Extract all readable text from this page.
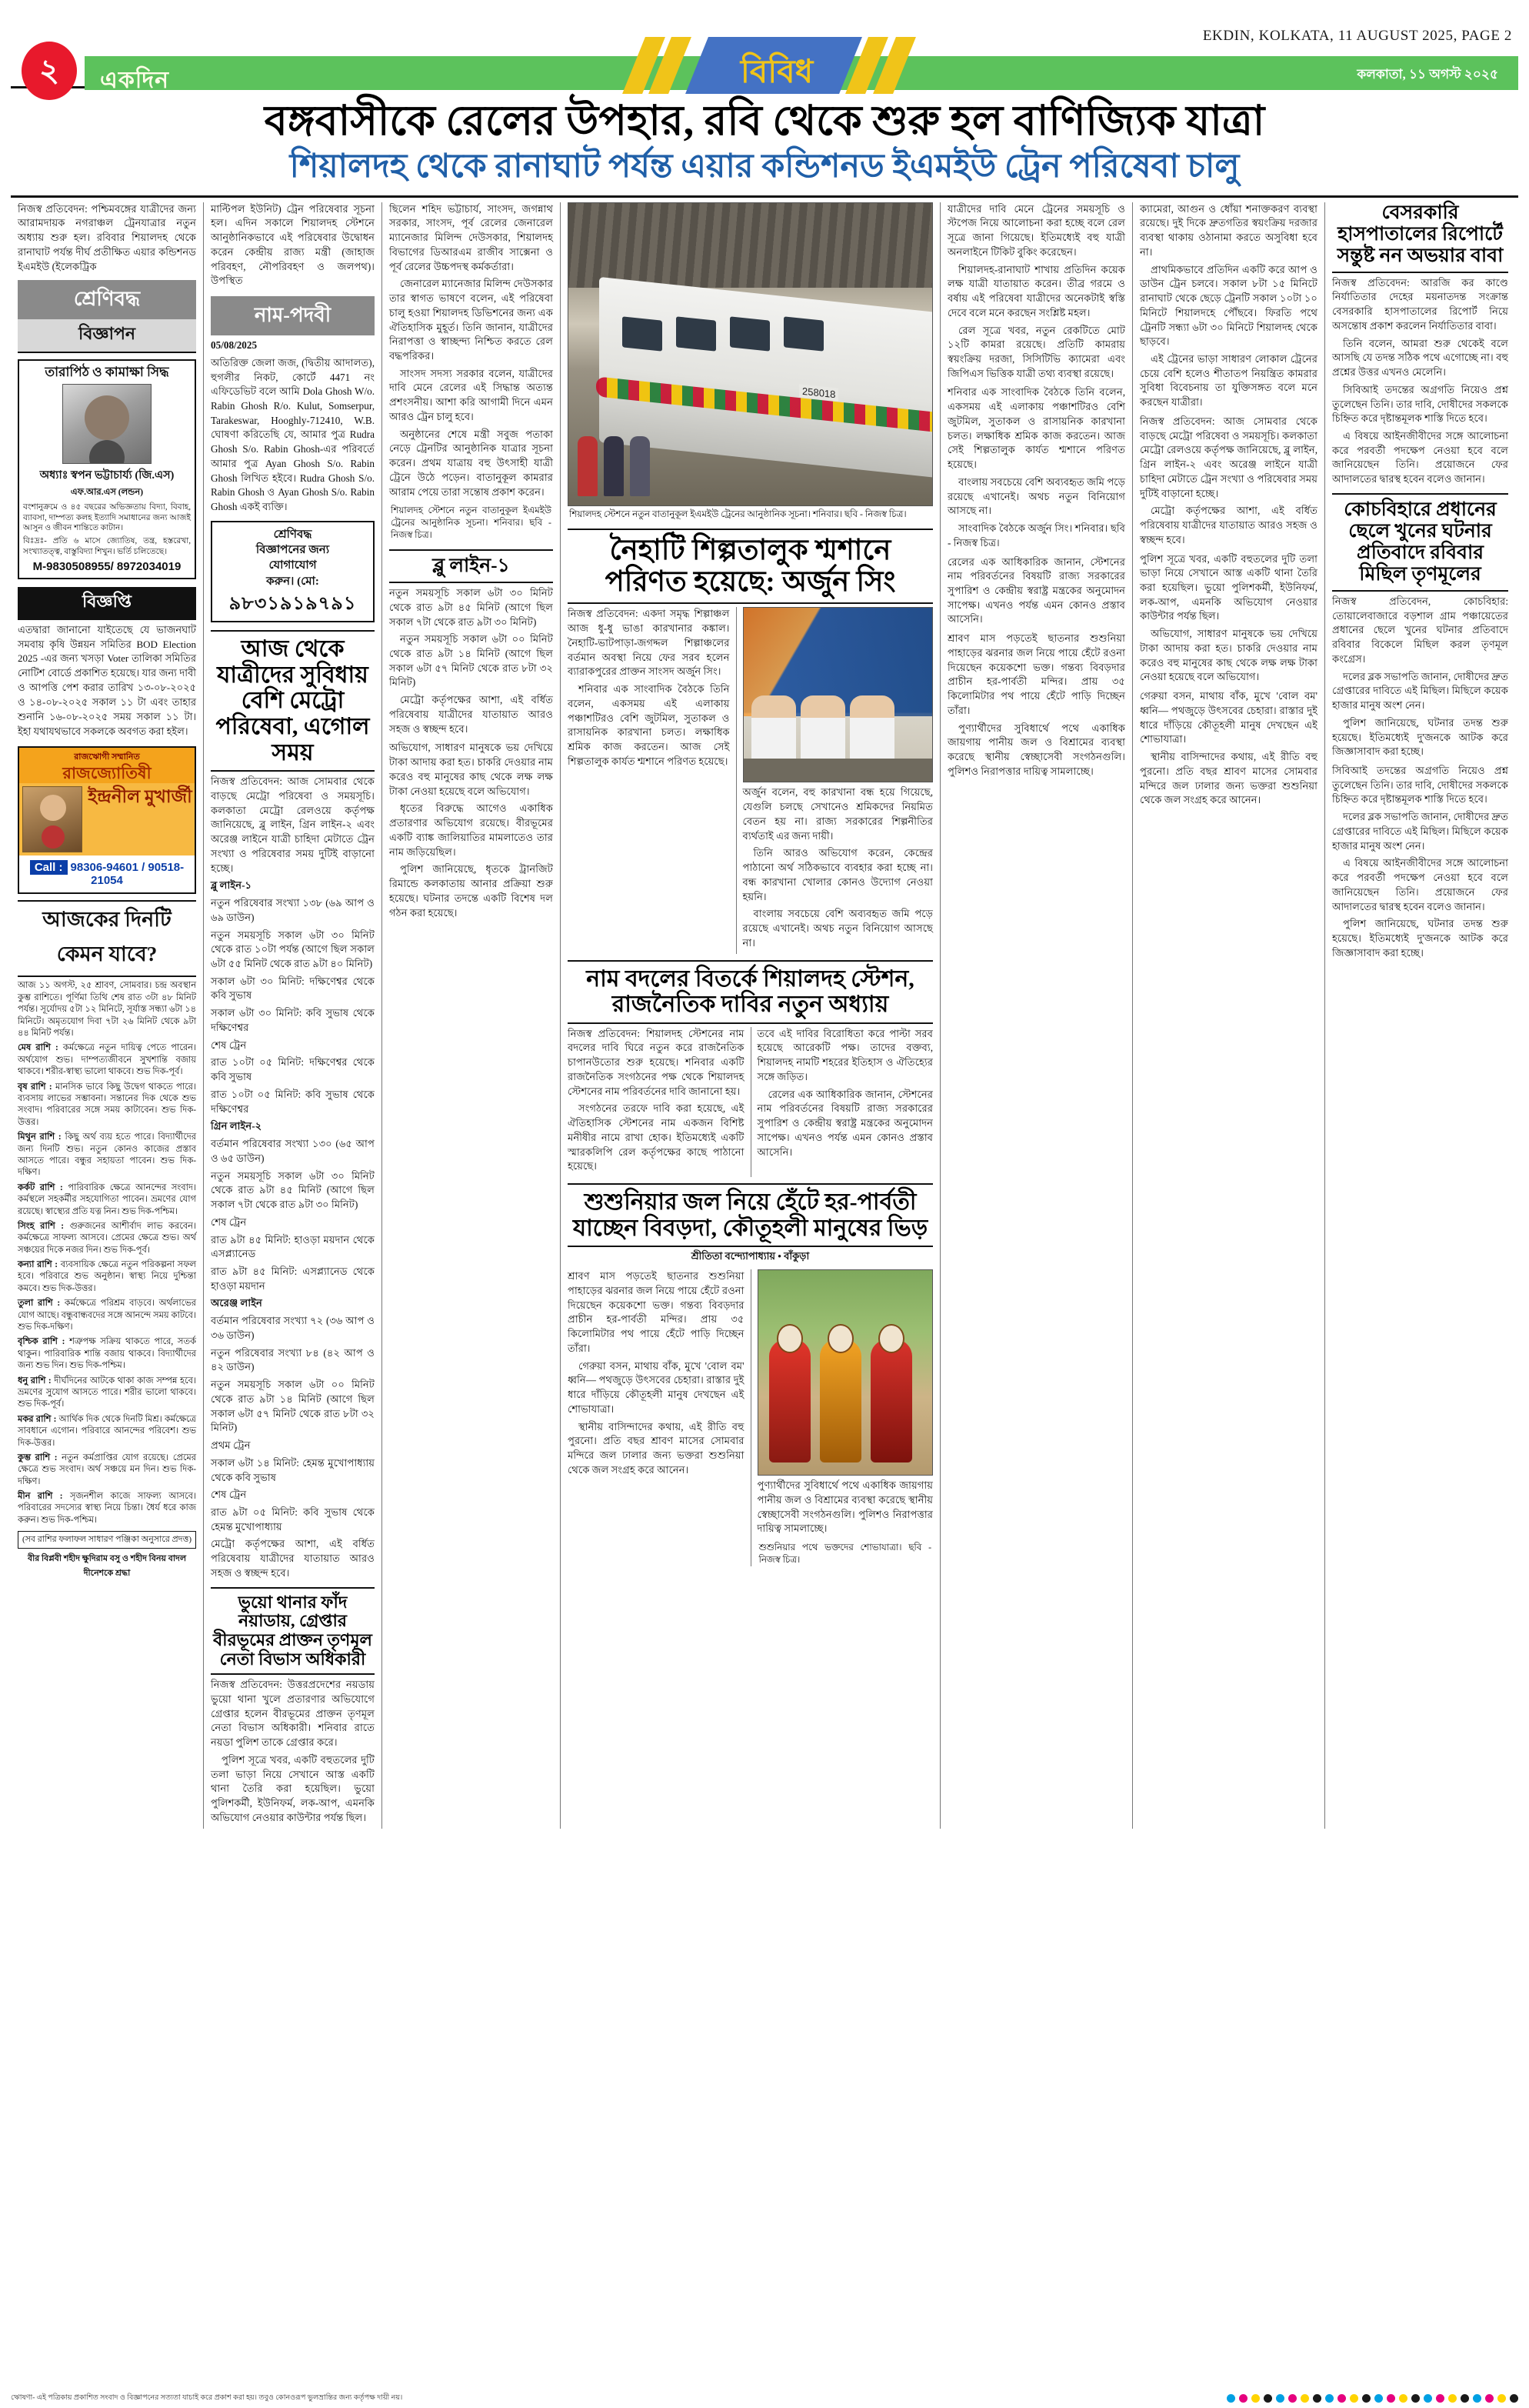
EKDIN, KOLKATA, 11 AUGUST 2025, PAGE 2
কলকাতা, ১১ অগস্ট ২০২৫
২	একদিন	বিবিধ
বঙ্গবাসীকে রেলের উপহার, রবি থেকে শুরু হল বাণিজ্যিক যাত্রা
শিয়ালদহ থেকে রানাঘাট পর্যন্ত এয়ার কন্ডিশনড ইএমইউ ট্রেন পরিষেবা চালু

নিজস্ব প্রতিবেদন: পশ্চিমবঙ্গের যাত্রীদের জন্য আরামদায়ক নগরাঞ্চল ট্রেনযাত্রার নতুন অধ্যায় শুরু হল। রবিবার শিয়ালদহ থেকে রানাঘাট পর্যন্ত দীর্ঘ প্রতীক্ষিত এয়ার কন্ডিশনড ইএমইউ (ইলেকট্রিক

শ্রেণিবদ্ধ
বিজ্ঞাপন
তারাপিঠ ও কামাক্ষা সিদ্ধ
অধ্যাঃ স্বপন ভট্টাচার্য্য (জি.এস)
এফ.আর.এস (লন্ডন)
বংশানুক্রমে ও ৪৫ বছরের অভিজ্ঞতায় বিদ্যা, বিবাহ, ব্যাবসা, দাম্পত্য কলহ ইত্যাদি সমাধানের জন্য আজই আসুন ও জীবন শান্তিতে কাটান।
বিঃদ্রঃ- প্রতি ৬ মাসে জ্যোতিষ, তন্ত্র, হস্তরেখা, সংখ্যাতত্ত্ব, বাস্তুবিদ্যা শিখুন। ভর্তি চলিতেছে।
M-9830508955/ 8972034019
বিজ্ঞপ্তি
এতদ্বারা জানানো যাইতেছে যে ভাজনঘাট সমবায় কৃষি উন্নয়ন সমিতির BOD Election 2025 -এর জন্য খসড়া Voter তালিকা সমিতির নোটিশ বোর্ডে প্রকাশিত হয়েছে। যার জন্য দাবী ও আপত্তি পেশ করার তারিখ ১৩-০৮-২০২৫ ও ১৪-০৮-২০২৫ সকাল ১১ টা এবং তাহার শুনানি ১৬-০৮-২০২৫ সময় সকাল ১১ টা। ইহা যথাযথভাবে সকলকে অবগত করা হইল।
রাজঋোগী সম্মানিত
রাজজ্যোতিষী
ইন্দ্রনীল মুখার্জী
Call : 98306-94601 / 90518-21054
আজকের দিনটি কেমন যাবে?
আজ ১১ অগস্ট, ২৫ শ্রাবণ, সোমবার। চন্দ্র অবস্থান কুম্ভ রাশিতে। পূর্ণিমা তিথি শেষ রাত ৩টা ৪৮ মিনিট পর্যন্ত। সূর্যোদয় ৫টা ১২ মিনিটে, সূর্যাস্ত সন্ধ্যা ৬টা ১৪ মিনিটে। অমৃতযোগ দিবা ৭টা ২৬ মিনিট থেকে ৯টা ৪৪ মিনিট পর্যন্ত।
মেষ রাশি : কর্মক্ষেত্রে নতুন দায়িত্ব পেতে পারেন। অর্থযোগ শুভ। দাম্পত্যজীবনে সুখশান্তি বজায় থাকবে। শরীর-স্বাস্থ্য ভালো থাকবে। শুভ দিক-পূর্ব।
বৃষ রাশি : মানসিক ভাবে কিছু উদ্বেগ থাকতে পারে। ব্যবসায় লাভের সম্ভাবনা। সন্তানের দিক থেকে শুভ সংবাদ। পরিবারের সঙ্গে সময় কাটাবেন। শুভ দিক-উত্তর।
মিথুন রাশি : কিছু অর্থ ব্যয় হতে পারে। বিদ্যার্থীদের জন্য দিনটি শুভ। নতুন কোনও কাজের প্রস্তাব আসতে পারে। বন্ধুর সহায়তা পাবেন। শুভ দিক-দক্ষিণ।
কর্কট রাশি : পারিবারিক ক্ষেত্রে আনন্দের সংবাদ। কর্মস্থলে সহকর্মীর সহযোগিতা পাবেন। ভ্রমণের যোগ রয়েছে। স্বাস্থ্যের প্রতি যত্ন নিন। শুভ দিক-পশ্চিম।
সিংহ রাশি : গুরুজনের আশীর্বাদ লাভ করবেন। কর্মক্ষেত্রে সাফল্য আসবে। প্রেমের ক্ষেত্রে শুভ। অর্থ সঞ্চয়ের দিকে নজর দিন। শুভ দিক-পূর্ব।
কন্যা রাশি : ব্যবসায়িক ক্ষেত্রে নতুন পরিকল্পনা সফল হবে। পরিবারে শুভ অনুষ্ঠান। স্বাস্থ্য নিয়ে দুশ্চিন্তা কমবে। শুভ দিক-উত্তর।
তুলা রাশি : কর্মক্ষেত্রে পরিশ্রম বাড়বে। অর্থলাভের যোগ আছে। বন্ধুবান্ধবদের সঙ্গে আনন্দে সময় কাটবে। শুভ দিক-দক্ষিণ।
বৃশ্চিক রাশি : শত্রুপক্ষ সক্রিয় থাকতে পারে, সতর্ক থাকুন। পারিবারিক শান্তি বজায় থাকবে। বিদ্যার্থীদের জন্য শুভ দিন। শুভ দিক-পশ্চিম।
ধনু রাশি : দীর্ঘদিনের আটকে থাকা কাজ সম্পন্ন হবে। ভ্রমণের সুযোগ আসতে পারে। শরীর ভালো থাকবে। শুভ দিক-পূর্ব।
মকর রাশি : আর্থিক দিক থেকে দিনটি মিশ্র। কর্মক্ষেত্রে সাবধানে এগোন। পরিবারে আনন্দের পরিবেশ। শুভ দিক-উত্তর।
কুম্ভ রাশি : নতুন কর্মপ্রাপ্তির যোগ রয়েছে। প্রেমের ক্ষেত্রে শুভ সংবাদ। অর্থ সঞ্চয়ে মন দিন। শুভ দিক-দক্ষিণ।
মীন রাশি : সৃজনশীল কাজে সাফল্য আসবে। পরিবারের সদস্যের স্বাস্থ্য নিয়ে চিন্তা। ধৈর্য ধরে কাজ করুন। শুভ দিক-পশ্চিম।
(সব রাশির ফলাফল সাধারণ পঞ্জিকা অনুসারে প্রদত্ত)
বীর বিপ্লবী শহীদ ক্ষুদিরাম বসু ও শহীদ বিনয় বাদল দীনেশকে শ্রদ্ধা

মাল্টিপল ইউনিট) ট্রেন পরিষেবার সূচনা হল। এদিন সকালে শিয়ালদহ স্টেশনে আনুষ্ঠানিকভাবে এই পরিষেবার উদ্বোধন করেন কেন্দ্রীয় রাজ্য মন্ত্রী (জাহাজ পরিবহণ, নৌপরিবহণ ও জলপথ)। উপস্থিত

নাম-পদবী

05/08/2025

অতিরিক্ত জেলা জজ, (দ্বিতীয় আদালত), হুগলীর নিকট, কোর্টে 4471 নং এফিডেভিট বলে আমি Dola Ghosh W/o. Rabin Ghosh R/o. Kulut, Somserpur, Tarakeswar, Hooghly-712410, W.B. ঘোষণা করিতেছি যে, আমার পুত্র Rudra Ghosh S/o. Rabin Ghosh-এর পরিবর্তে আমার পুত্র Ayan Ghosh S/o. Rabin Ghosh লিখিত হইবে। Rudra Ghosh S/o. Rabin Ghosh ও Ayan Ghosh S/o. Rabin Ghosh একই ব্যক্তি।

শ্রেণিবদ্ধ
বিজ্ঞাপনের জন্য
যোগাযোগ
করুন। (মো:
৯৮৩১৯১৯৭৯১
আজ থেকে যাত্রীদের সুবিধায় বেশি মেট্রো পরিষেবা, এগোল সময়

নিজস্ব প্রতিবেদন: আজ সোমবার থেকে বাড়ছে মেট্রো পরিষেবা ও সময়সূচি। কলকাতা মেট্রো রেলওয়ে কর্তৃপক্ষ জানিয়েছে, ব্লু লাইন, গ্রিন লাইন-২ এবং অরেঞ্জ লাইনে যাত্রী চাহিদা মেটাতে ট্রেন সংখ্যা ও পরিষেবার সময় দুটিই বাড়ানো হচ্ছে।

ব্লু লাইন-১

নতুন পরিষেবার সংখ্যা ১৩৮ (৬৯ আপ ও ৬৯ ডাউন)

নতুন সময়সূচি সকাল ৬টা ৩০ মিনিট থেকে রাত ১০টা পর্যন্ত (আগে ছিল সকাল ৬টা ৫৫ মিনিট থেকে রাত ৯টা ৪০ মিনিট)

সকাল ৬টা ৩০ মিনিট: দক্ষিণেশ্বর থেকে কবি সুভাষ

সকাল ৬টা ৩০ মিনিট: কবি সুভাষ থেকে দক্ষিণেশ্বর

শেষ ট্রেন

রাত ১০টা ০৫ মিনিট: দক্ষিণেশ্বর থেকে কবি সুভাষ

রাত ১০টা ০৫ মিনিট: কবি সুভাষ থেকে দক্ষিণেশ্বর

গ্রিন লাইন-২

বর্তমান পরিষেবার সংখ্যা ১৩০ (৬৫ আপ ও ৬৫ ডাউন)

নতুন সময়সূচি সকাল ৬টা ৩০ মিনিট থেকে রাত ৯টা ৪৫ মিনিট (আগে ছিল সকাল ৭টা থেকে রাত ৯টা ৩০ মিনিট)

শেষ ট্রেন

রাত ৯টা ৪৫ মিনিট: হাওড়া ময়দান থেকে এসপ্ল্যানেড

রাত ৯টা ৪৫ মিনিট: এসপ্ল্যানেড থেকে হাওড়া ময়দান

অরেঞ্জ লাইন

বর্তমান পরিষেবার সংখ্যা ৭২ (৩৬ আপ ও ৩৬ ডাউন)

নতুন পরিষেবার সংখ্যা ৮৪ (৪২ আপ ও ৪২ ডাউন)

নতুন সময়সূচি সকাল ৬টা ০০ মিনিট থেকে রাত ৯টা ১৪ মিনিট (আগে ছিল সকাল ৬টা ৫৭ মিনিট থেকে রাত ৮টা ৩২ মিনিট)

প্রথম ট্রেন

সকাল ৬টা ১৪ মিনিট: হেমন্ত মুখোপাধ্যায় থেকে কবি সুভাষ

শেষ ট্রেন

রাত ৯টা ০৫ মিনিট: কবি সুভাষ থেকে হেমন্ত মুখোপাধ্যায়

মেট্রো কর্তৃপক্ষের আশা, এই বর্ধিত পরিষেবায় যাত্রীদের যাতায়াত আরও সহজ ও স্বচ্ছন্দ হবে।

ভুয়ো থানার ফাঁদ নয়াডায়, গ্রেপ্তার বীরভূমের প্রাক্তন তৃণমূল নেতা বিভাস অধিকারী

নিজস্ব প্রতিবেদন: উত্তরপ্রদেশের নয়ডায় ভুয়ো থানা খুলে প্রতারণার অভিযোগে গ্রেপ্তার হলেন বীরভূমের প্রাক্তন তৃণমূল নেতা বিভাস অধিকারী। শনিবার রাতে নয়ডা পুলিশ তাকে গ্রেপ্তার করে।

পুলিশ সূত্রে খবর, একটি বহুতলের দুটি তলা ভাড়া নিয়ে সেখানে আস্ত একটি থানা তৈরি করা হয়েছিল। ভুয়ো পুলিশকর্মী, ইউনিফর্ম, লক-আপ, এমনকি অভিযোগ নেওয়ার কাউন্টার পর্যন্ত ছিল।

ছিলেন শহিদ ভট্টাচার্য, সাংসদ, জগন্নাথ সরকার, সাংসদ, পূর্ব রেলের জেনারেল ম্যানেজার মিলিন্দ দেউসকার, শিয়ালদহ বিভাগের ডিআরএম রাজীব সাক্সেনা ও পূর্ব রেলের উচ্চপদস্থ কর্মকর্তারা।

জেনারেল ম্যানেজার মিলিন্দ দেউসকার তার স্বাগত ভাষণে বলেন, এই পরিষেবা চালু হওয়া শিয়ালদহ ডিভিশনের জন্য এক ঐতিহাসিক মুহূর্ত। তিনি জানান, যাত্রীদের নিরাপত্তা ও স্বাচ্ছন্দ্য নিশ্চিত করতে রেল বদ্ধপরিকর।

সাংসদ সদস্য সরকার বলেন, যাত্রীদের দাবি মেনে রেলের এই সিদ্ধান্ত অত্যন্ত প্রশংসনীয়। আশা করি আগামী দিনে এমন আরও ট্রেন চালু হবে।

অনুষ্ঠানের শেষে মন্ত্রী সবুজ পতাকা নেড়ে ট্রেনটির আনুষ্ঠানিক যাত্রার সূচনা করেন। প্রথম যাত্রায় বহু উৎসাহী যাত্রী ট্রেনে উঠে পড়েন। বাতানুকূল কামরার আরাম পেয়ে তারা সন্তোষ প্রকাশ করেন।

শিয়ালদহ স্টেশনে নতুন বাতানুকূল ইএমইউ ট্রেনের আনুষ্ঠানিক সূচনা। শনিবার। ছবি - নিজস্ব চিত্র।
ব্লু লাইন-১

নতুন সময়সূচি সকাল ৬টা ৩০ মিনিট থেকে রাত ৯টা ৪৫ মিনিট (আগে ছিল সকাল ৭টা থেকে রাত ৯টা ৩০ মিনিট)

নতুন সময়সূচি সকাল ৬টা ০০ মিনিট থেকে রাত ৯টা ১৪ মিনিট (আগে ছিল সকাল ৬টা ৫৭ মিনিট থেকে রাত ৮টা ৩২ মিনিট)

মেট্রো কর্তৃপক্ষের আশা, এই বর্ধিত পরিষেবায় যাত্রীদের যাতায়াত আরও সহজ ও স্বচ্ছন্দ হবে।

অভিযোগ, সাধারণ মানুষকে ভয় দেখিয়ে টাকা আদায় করা হত। চাকরি দেওয়ার নাম করেও বহু মানুষের কাছ থেকে লক্ষ লক্ষ টাকা নেওয়া হয়েছে বলে অভিযোগ।

ধৃতের বিরুদ্ধে আগেও একাধিক প্রতারণার অভিযোগ রয়েছে। বীরভূমের একটি ব্যাঙ্ক জালিয়াতির মামলাতেও তার নাম জড়িয়েছিল।

পুলিশ জানিয়েছে, ধৃতকে ট্রানজিট রিমান্ডে কলকাতায় আনার প্রক্রিয়া শুরু হয়েছে। ঘটনার তদন্তে একটি বিশেষ দল গঠন করা হয়েছে।

258018
শিয়ালদহ স্টেশনে নতুন বাতানুকূল ইএমইউ ট্রেনের আনুষ্ঠানিক সূচনা। শনিবার। ছবি - নিজস্ব চিত্র।
নৈহাটি শিল্পতালুক শ্মশানে পরিণত হয়েছে: অর্জুন সিং

নিজস্ব প্রতিবেদন: একদা সমৃদ্ধ শিল্পাঞ্চল আজ ধু-ধু ভাঙা কারখানার কঙ্কাল। নৈহাটি-ভাটপাড়া-জগদ্দল শিল্পাঞ্চলের বর্তমান অবস্থা নিয়ে ফের সরব হলেন ব্যারাকপুরের প্রাক্তন সাংসদ অর্জুন সিং।

শনিবার এক সাংবাদিক বৈঠকে তিনি বলেন, একসময় এই এলাকায় পঞ্চাশটিরও বেশি জুটমিল, সুতাকল ও রাসায়নিক কারখানা চলত। লক্ষাধিক শ্রমিক কাজ করতেন। আজ সেই শিল্পতালুক কার্যত শ্মশানে পরিণত হয়েছে।

অর্জুন বলেন, বহু কারখানা বন্ধ হয়ে গিয়েছে, যেগুলি চলছে সেখানেও শ্রমিকদের নিয়মিত বেতন হয় না। রাজ্য সরকারের শিল্পনীতির ব্যর্থতাই এর জন্য দায়ী।

তিনি আরও অভিযোগ করেন, কেন্দ্রের পাঠানো অর্থ সঠিকভাবে ব্যবহার করা হচ্ছে না। বন্ধ কারখানা খোলার কোনও উদ্যোগ নেওয়া হয়নি।

বাংলায় সবচেয়ে বেশি অব্যবহৃত জমি পড়ে রয়েছে এখানেই। অথচ নতুন বিনিয়োগ আসছে না।

নাম বদলের বিতর্কে শিয়ালদহ স্টেশন, রাজনৈতিক দাবির নতুন অধ্যায়

নিজস্ব প্রতিবেদন: শিয়ালদহ স্টেশনের নাম বদলের দাবি ঘিরে নতুন করে রাজনৈতিক চাপানউতোর শুরু হয়েছে। শনিবার একটি রাজনৈতিক সংগঠনের পক্ষ থেকে শিয়ালদহ স্টেশনের নাম পরিবর্তনের দাবি জানানো হয়।

সংগঠনের তরফে দাবি করা হয়েছে, এই ঐতিহাসিক স্টেশনের নাম একজন বিশিষ্ট মনীষীর নামে রাখা হোক। ইতিমধ্যেই একটি স্মারকলিপি রেল কর্তৃপক্ষের কাছে পাঠানো হয়েছে।

তবে এই দাবির বিরোধিতা করে পাল্টা সরব হয়েছে আরেকটি পক্ষ। তাদের বক্তব্য, শিয়ালদহ নামটি শহরের ইতিহাস ও ঐতিহ্যের সঙ্গে জড়িত।

রেলের এক আধিকারিক জানান, স্টেশনের নাম পরিবর্তনের বিষয়টি রাজ্য সরকারের সুপারিশ ও কেন্দ্রীয় স্বরাষ্ট্র মন্ত্রকের অনুমোদন সাপেক্ষ। এখনও পর্যন্ত এমন কোনও প্রস্তাব আসেনি।

শুশুনিয়ার জল নিয়ে হেঁটে হর-পার্বতী যাচ্ছেন বিবড়দা, কৌতূহলী মানুষের ভিড়
শ্রীতিতা বন্দ্যোপাধ্যায় • বাঁকুড়া

শ্রাবণ মাস পড়তেই ছাতনার শুশুনিয়া পাহাড়ের ঝরনার জল নিয়ে পায়ে হেঁটে রওনা দিয়েছেন কয়েকশো ভক্ত। গন্তব্য বিবড়দার প্রাচীন হর-পার্বতী মন্দির। প্রায় ৩৫ কিলোমিটার পথ পায়ে হেঁটে পাড়ি দিচ্ছেন তাঁরা।

গেরুয়া বসন, মাথায় বাঁক, মুখে 'বোল বম' ধ্বনি— পথজুড়ে উৎসবের চেহারা। রাস্তার দুই ধারে দাঁড়িয়ে কৌতূহলী মানুষ দেখছেন এই শোভাযাত্রা।

স্থানীয় বাসিন্দাদের কথায়, এই রীতি বহু পুরনো। প্রতি বছর শ্রাবণ মাসের সোমবার মন্দিরে জল ঢালার জন্য ভক্তরা শুশুনিয়া থেকে জল সংগ্রহ করে আনেন।

পুণ্যার্থীদের সুবিধার্থে পথে একাধিক জায়গায় পানীয় জল ও বিশ্রামের ব্যবস্থা করেছে স্থানীয় স্বেচ্ছাসেবী সংগঠনগুলি। পুলিশও নিরাপত্তার দায়িত্ব সামলাচ্ছে।

শুশুনিয়ার পথে ভক্তদের শোভাযাত্রা। ছবি - নিজস্ব চিত্র।

যাত্রীদের দাবি মেনে ট্রেনের সময়সূচি ও স্টপেজ নিয়ে আলোচনা করা হচ্ছে বলে রেল সূত্রে জানা গিয়েছে। ইতিমধ্যেই বহু যাত্রী অনলাইনে টিকিট বুকিং করেছেন।

শিয়ালদহ-রানাঘাট শাখায় প্রতিদিন কয়েক লক্ষ যাত্রী যাতায়াত করেন। তীব্র গরমে ও বর্ষায় এই পরিষেবা যাত্রীদের অনেকটাই স্বস্তি দেবে বলে মনে করছেন সংশ্লিষ্ট মহল।

রেল সূত্রে খবর, নতুন রেকটিতে মোট ১২টি কামরা রয়েছে। প্রতিটি কামরায় স্বয়ংক্রিয় দরজা, সিসিটিভি ক্যামেরা এবং জিপিএস ভিত্তিক যাত্রী তথ্য ব্যবস্থা রয়েছে।

শনিবার এক সাংবাদিক বৈঠকে তিনি বলেন, একসময় এই এলাকায় পঞ্চাশটিরও বেশি জুটমিল, সুতাকল ও রাসায়নিক কারখানা চলত। লক্ষাধিক শ্রমিক কাজ করতেন। আজ সেই শিল্পতালুক কার্যত শ্মশানে পরিণত হয়েছে।

বাংলায় সবচেয়ে বেশি অব্যবহৃত জমি পড়ে রয়েছে এখানেই। অথচ নতুন বিনিয়োগ আসছে না।

সাংবাদিক বৈঠকে অর্জুন সিং। শনিবার। ছবি - নিজস্ব চিত্র।

রেলের এক আধিকারিক জানান, স্টেশনের নাম পরিবর্তনের বিষয়টি রাজ্য সরকারের সুপারিশ ও কেন্দ্রীয় স্বরাষ্ট্র মন্ত্রকের অনুমোদন সাপেক্ষ। এখনও পর্যন্ত এমন কোনও প্রস্তাব আসেনি।

শ্রাবণ মাস পড়তেই ছাতনার শুশুনিয়া পাহাড়ের ঝরনার জল নিয়ে পায়ে হেঁটে রওনা দিয়েছেন কয়েকশো ভক্ত। গন্তব্য বিবড়দার প্রাচীন হর-পার্বতী মন্দির। প্রায় ৩৫ কিলোমিটার পথ পায়ে হেঁটে পাড়ি দিচ্ছেন তাঁরা।

পুণ্যার্থীদের সুবিধার্থে পথে একাধিক জায়গায় পানীয় জল ও বিশ্রামের ব্যবস্থা করেছে স্থানীয় স্বেচ্ছাসেবী সংগঠনগুলি। পুলিশও নিরাপত্তার দায়িত্ব সামলাচ্ছে।

ক্যামেরা, আগুন ও ধোঁয়া শনাক্তকরণ ব্যবস্থা রয়েছে। দুই দিকে দ্রুতগতির স্বয়ংক্রিয় দরজার ব্যবস্থা থাকায় ওঠানামা করতে অসুবিধা হবে না।

প্রাথমিকভাবে প্রতিদিন একটি করে আপ ও ডাউন ট্রেন চলবে। সকাল ৮টা ১৫ মিনিটে রানাঘাট থেকে ছেড়ে ট্রেনটি সকাল ১০টা ১০ মিনিটে শিয়ালদহে পৌঁছবে। ফিরতি পথে ট্রেনটি সন্ধ্যা ৬টা ৩০ মিনিটে শিয়ালদহ থেকে ছাড়বে।

এই ট্রেনের ভাড়া সাধারণ লোকাল ট্রেনের চেয়ে বেশি হলেও শীতাতপ নিয়ন্ত্রিত কামরার সুবিধা বিবেচনায় তা যুক্তিসঙ্গত বলে মনে করছেন যাত্রীরা।

নিজস্ব প্রতিবেদন: আজ সোমবার থেকে বাড়ছে মেট্রো পরিষেবা ও সময়সূচি। কলকাতা মেট্রো রেলওয়ে কর্তৃপক্ষ জানিয়েছে, ব্লু লাইন, গ্রিন লাইন-২ এবং অরেঞ্জ লাইনে যাত্রী চাহিদা মেটাতে ট্রেন সংখ্যা ও পরিষেবার সময় দুটিই বাড়ানো হচ্ছে।

মেট্রো কর্তৃপক্ষের আশা, এই বর্ধিত পরিষেবায় যাত্রীদের যাতায়াত আরও সহজ ও স্বচ্ছন্দ হবে।

পুলিশ সূত্রে খবর, একটি বহুতলের দুটি তলা ভাড়া নিয়ে সেখানে আস্ত একটি থানা তৈরি করা হয়েছিল। ভুয়ো পুলিশকর্মী, ইউনিফর্ম, লক-আপ, এমনকি অভিযোগ নেওয়ার কাউন্টার পর্যন্ত ছিল।

অভিযোগ, সাধারণ মানুষকে ভয় দেখিয়ে টাকা আদায় করা হত। চাকরি দেওয়ার নাম করেও বহু মানুষের কাছ থেকে লক্ষ লক্ষ টাকা নেওয়া হয়েছে বলে অভিযোগ।

গেরুয়া বসন, মাথায় বাঁক, মুখে 'বোল বম' ধ্বনি— পথজুড়ে উৎসবের চেহারা। রাস্তার দুই ধারে দাঁড়িয়ে কৌতূহলী মানুষ দেখছেন এই শোভাযাত্রা।

স্থানীয় বাসিন্দাদের কথায়, এই রীতি বহু পুরনো। প্রতি বছর শ্রাবণ মাসের সোমবার মন্দিরে জল ঢালার জন্য ভক্তরা শুশুনিয়া থেকে জল সংগ্রহ করে আনেন।

বেসরকারি হাসপাতালের রিপোর্টে সন্তুষ্ট নন অভয়ার বাবা

নিজস্ব প্রতিবেদন: আরজি কর কাণ্ডে নির্যাতিতার দেহের ময়নাতদন্ত সংক্রান্ত বেসরকারি হাসপাতালের রিপোর্ট নিয়ে অসন্তোষ প্রকাশ করলেন নির্যাতিতার বাবা।

তিনি বলেন, আমরা শুরু থেকেই বলে আসছি যে তদন্ত সঠিক পথে এগোচ্ছে না। বহু প্রশ্নের উত্তর এখনও মেলেনি।

সিবিআই তদন্তের অগ্রগতি নিয়েও প্রশ্ন তুলেছেন তিনি। তার দাবি, দোষীদের সকলকে চিহ্নিত করে দৃষ্টান্তমূলক শাস্তি দিতে হবে।

এ বিষয়ে আইনজীবীদের সঙ্গে আলোচনা করে পরবর্তী পদক্ষেপ নেওয়া হবে বলে জানিয়েছেন তিনি। প্রয়োজনে ফের আদালতের দ্বারস্থ হবেন বলেও জানান।

কোচবিহারে প্রধানের ছেলে খুনের ঘটনার প্রতিবাদে রবিবার মিছিল তৃণমূলের

নিজস্ব প্রতিবেদন, কোচবিহার: তোয়ালেবাজারে বড়শাল গ্রাম পঞ্চায়েতের প্রধানের ছেলে খুনের ঘটনার প্রতিবাদে রবিবার বিকেলে মিছিল করল তৃণমূল কংগ্রেস।

দলের ব্লক সভাপতি জানান, দোষীদের দ্রুত গ্রেপ্তারের দাবিতে এই মিছিল। মিছিলে কয়েক হাজার মানুষ অংশ নেন।

পুলিশ জানিয়েছে, ঘটনার তদন্ত শুরু হয়েছে। ইতিমধ্যেই দু'জনকে আটক করে জিজ্ঞাসাবাদ করা হচ্ছে।

সিবিআই তদন্তের অগ্রগতি নিয়েও প্রশ্ন তুলেছেন তিনি। তার দাবি, দোষীদের সকলকে চিহ্নিত করে দৃষ্টান্তমূলক শাস্তি দিতে হবে।

দলের ব্লক সভাপতি জানান, দোষীদের দ্রুত গ্রেপ্তারের দাবিতে এই মিছিল। মিছিলে কয়েক হাজার মানুষ অংশ নেন।

এ বিষয়ে আইনজীবীদের সঙ্গে আলোচনা করে পরবর্তী পদক্ষেপ নেওয়া হবে বলে জানিয়েছেন তিনি। প্রয়োজনে ফের আদালতের দ্বারস্থ হবেন বলেও জানান।

পুলিশ জানিয়েছে, ঘটনার তদন্ত শুরু হয়েছে। ইতিমধ্যেই দু'জনকে আটক করে জিজ্ঞাসাবাদ করা হচ্ছে।

ঋোষণা- এই পত্রিকায় প্রকাশিত সংবাদ ও বিজ্ঞাপনের সত্যতা যাচাই করে প্রকাশ করা হয়। তবুও কোনওরূপ ভুলভ্রান্তির জন্য কর্তৃপক্ষ দায়ী নয়।
